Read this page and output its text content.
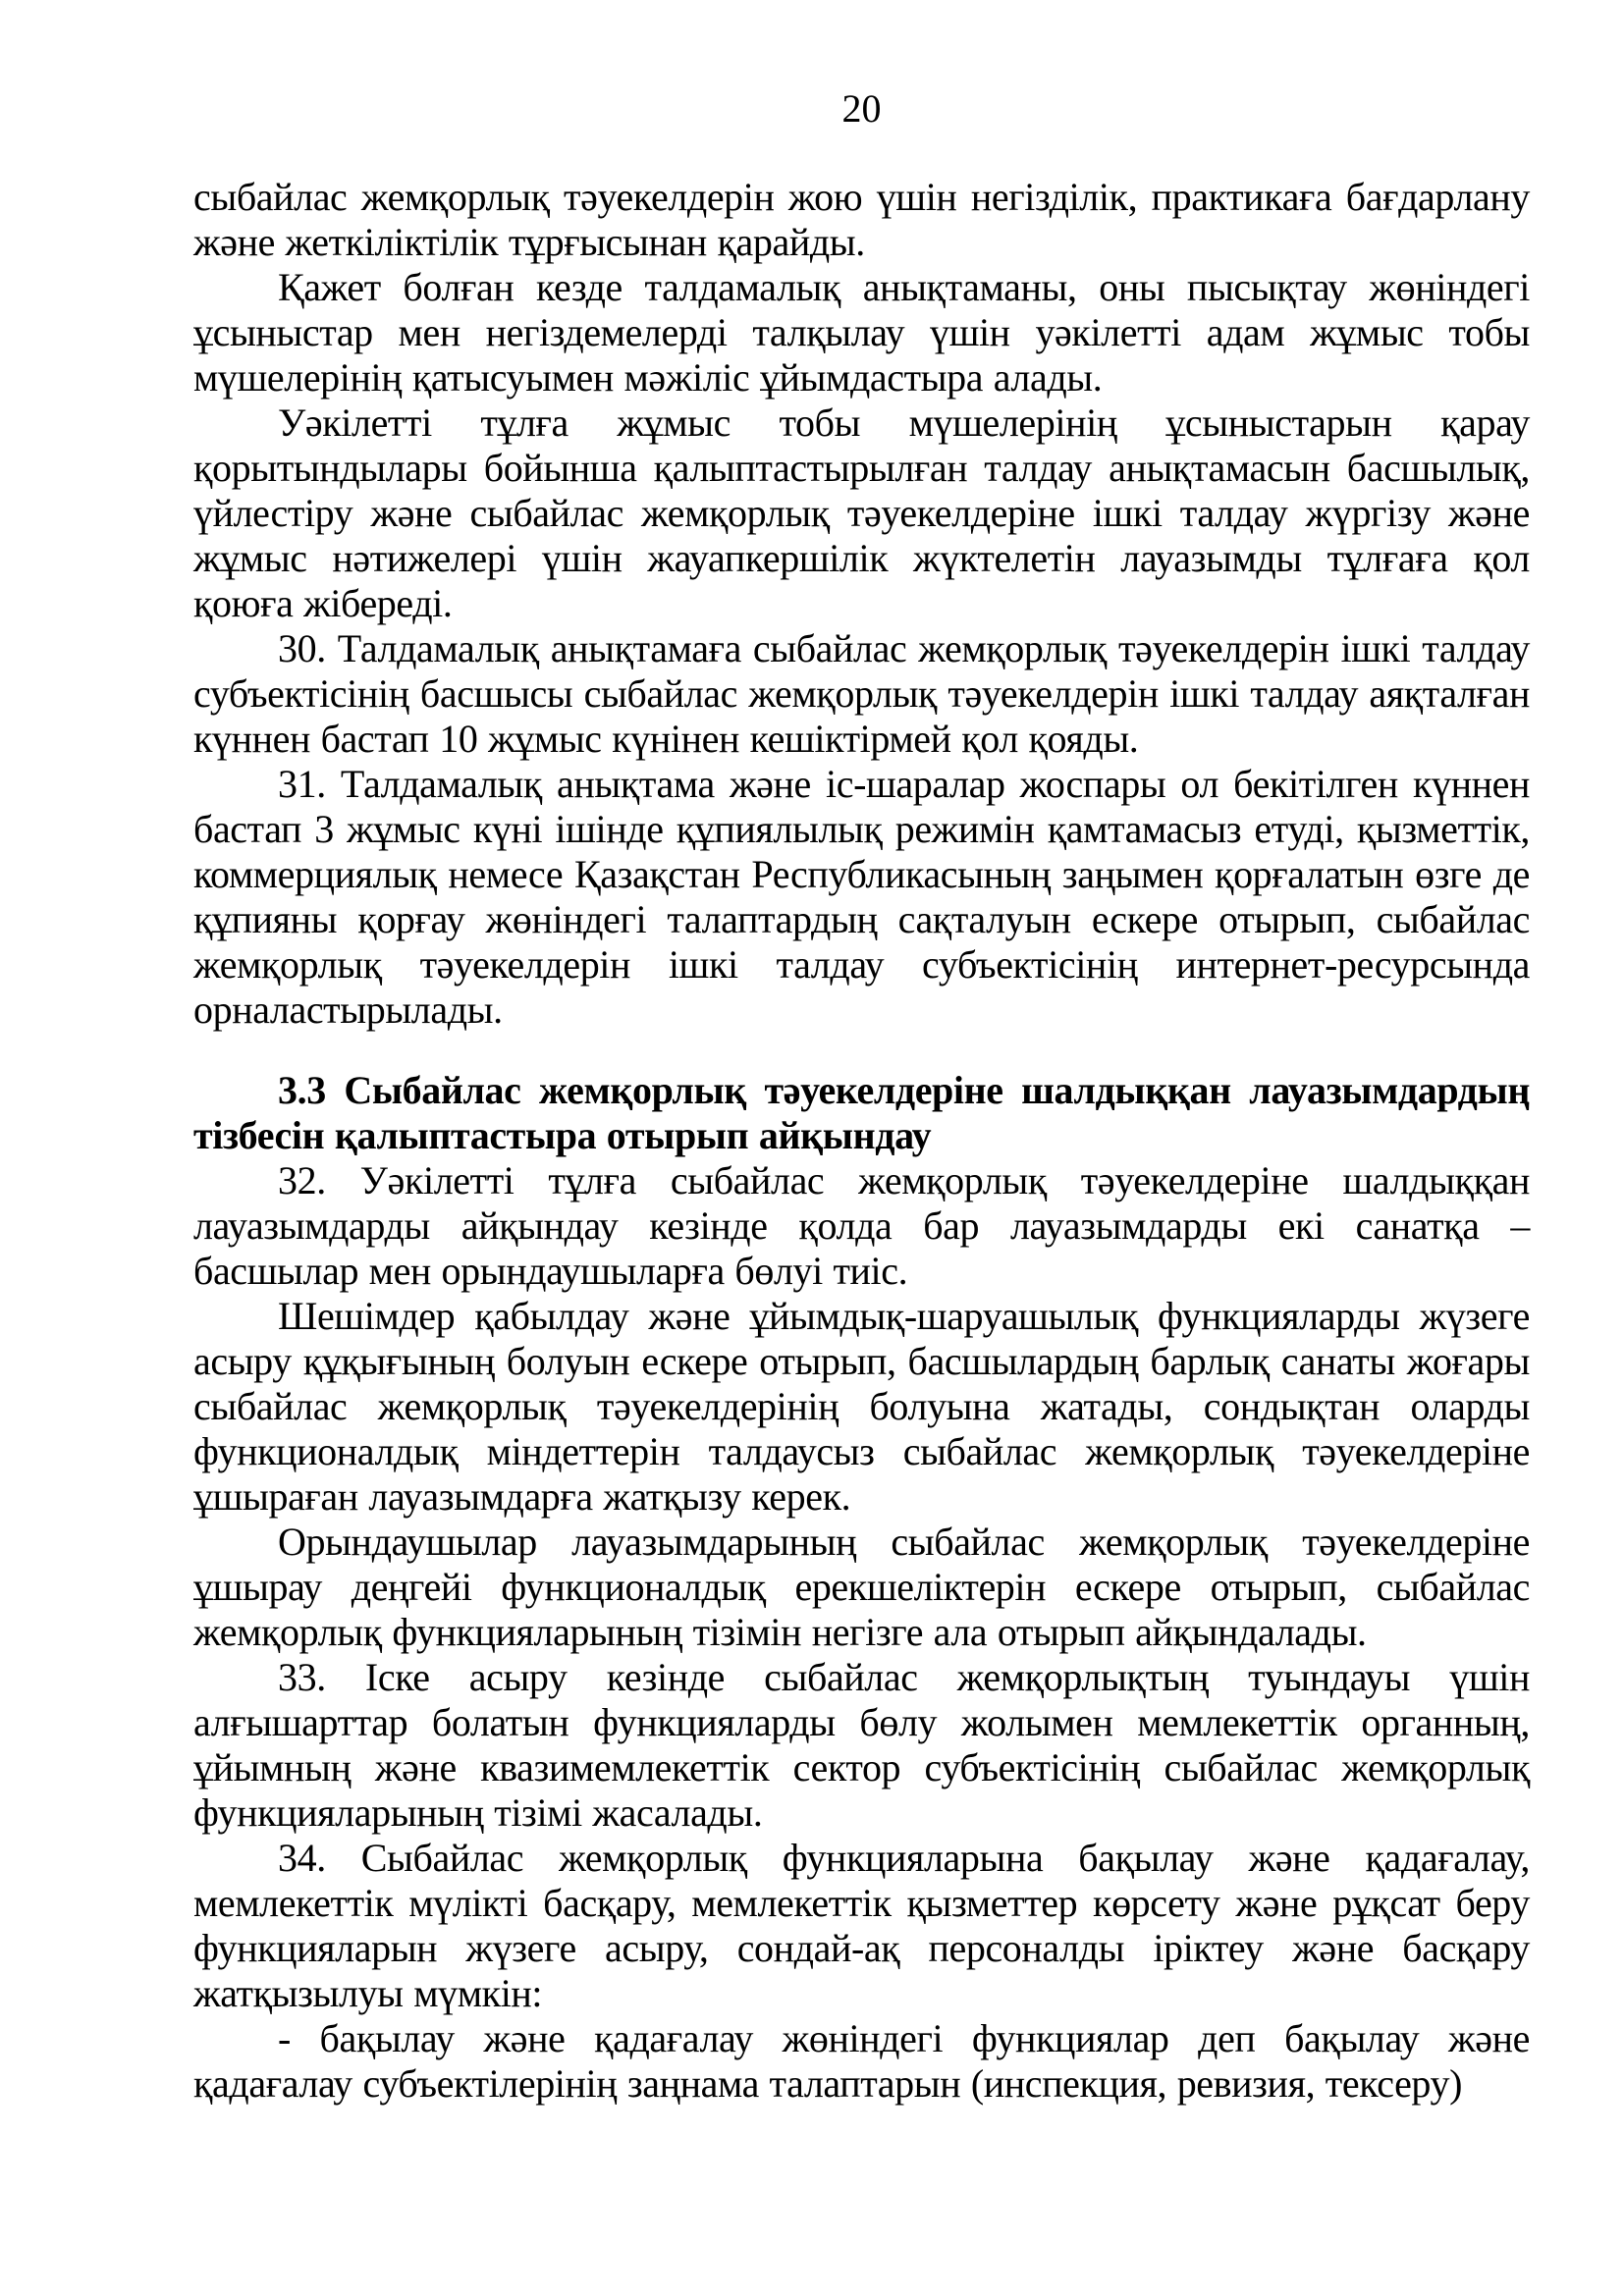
20

сыбайлас жемқорлық тәуекелдерін жою үшін негізділік, практикаға бағдарлану және жеткіліктілік тұрғысынан қарайды.

Қажет болған кезде талдамалық анықтаманы, оны пысықтау жөніндегі ұсыныстар мен негіздемелерді талқылау үшін уәкілетті адам жұмыс тобы мүшелерінің қатысуымен мәжіліс ұйымдастыра алады.

Уәкілетті тұлға жұмыс тобы мүшелерінің ұсыныстарын қарау қорытындылары бойынша қалыптастырылған талдау анықтамасын басшылық, үйлестіру және сыбайлас жемқорлық тәуекелдеріне ішкі талдау жүргізу және жұмыс нәтижелері үшін жауапкершілік жүктелетін лауазымды тұлғаға қол қоюға жібереді.

30. Талдамалық анықтамаға сыбайлас жемқорлық тәуекелдерін ішкі талдау субъектісінің басшысы сыбайлас жемқорлық тәуекелдерін ішкі талдау аяқталған күннен бастап 10 жұмыс күнінен кешіктірмей қол қояды.

31. Талдамалық анықтама және іс-шаралар жоспары ол бекітілген күннен бастап 3 жұмыс күні ішінде құпиялылық режимін қамтамасыз етуді, қызметтік, коммерциялық немесе Қазақстан Республикасының заңымен қорғалатын өзге де құпияны қорғау жөніндегі талаптардың сақталуын ескере отырып, сыбайлас жемқорлық тәуекелдерін ішкі талдау субъектісінің интернет-ресурсында орналастырылады.

3.3 Сыбайлас жемқорлық тәуекелдеріне шалдыққан лауазымдардың тізбесін қалыптастыра отырып айқындау

32. Уәкілетті тұлға сыбайлас жемқорлық тәуекелдеріне шалдыққан лауазымдарды айқындау кезінде қолда бар лауазымдарды екі санатқа – басшылар мен орындаушыларға бөлуі тиіс.

Шешімдер қабылдау және ұйымдық-шаруашылық функцияларды жүзеге асыру құқығының болуын ескере отырып, басшылардың барлық санаты жоғары сыбайлас жемқорлық тәуекелдерінің болуына жатады, сондықтан оларды функционалдық міндеттерін талдаусыз сыбайлас жемқорлық тәуекелдеріне ұшыраған лауазымдарға жатқызу керек.

Орындаушылар лауазымдарының сыбайлас жемқорлық тәуекелдеріне ұшырау деңгейі функционалдық ерекшеліктерін ескере отырып, сыбайлас жемқорлық функцияларының тізімін негізге ала отырып айқындалады.

33. Іске асыру кезінде сыбайлас жемқорлықтың туындауы үшін алғышарттар болатын функцияларды бөлу жолымен мемлекеттік органның, ұйымның және квазимемлекеттік сектор субъектісінің сыбайлас жемқорлық функцияларының тізімі жасалады.

34. Сыбайлас жемқорлық функцияларына бақылау және қадағалау, мемлекеттік мүлікті басқару, мемлекеттік қызметтер көрсету және рұқсат беру функцияларын жүзеге асыру, сондай-ақ персоналды іріктеу және басқару жатқызылуы мүмкін:

- бақылау және қадағалау жөніндегі функциялар деп бақылау және қадағалау субъектілерінің заңнама талаптарын (инспекция, ревизия, тексеру)
